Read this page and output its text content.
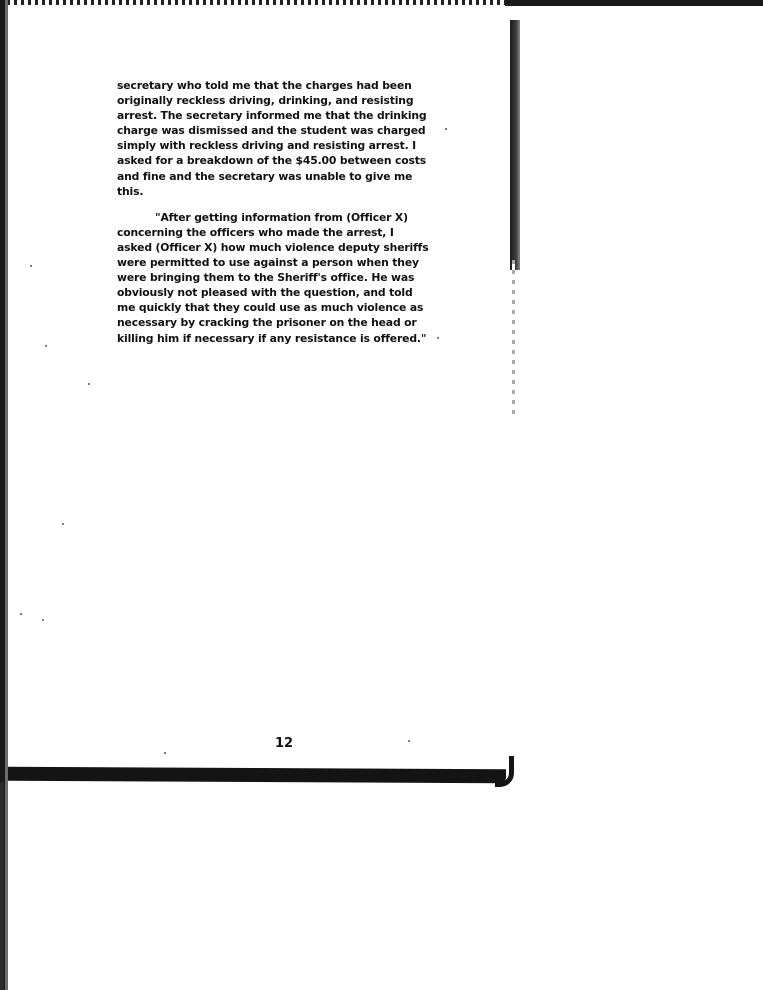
secretary who told me that the charges had been originally reckless driving, drinking, and resisting arrest. The secretary informed me that the drinking charge was dismissed and the student was charged simply with reckless driving and resisting arrest. I asked for a breakdown of the $45.00 between costs and fine and the secretary was unable to give me this.

"After getting information from (Officer X) concerning the officers who made the arrest, I asked (Officer X) how much violence deputy sheriffs were permitted to use against a person when they were bringing them to the Sheriff's office. He was obviously not pleased with the question, and told me quickly that they could use as much violence as necessary by cracking the prisoner on the head or killing him if necessary if any resistance is offered."

12
